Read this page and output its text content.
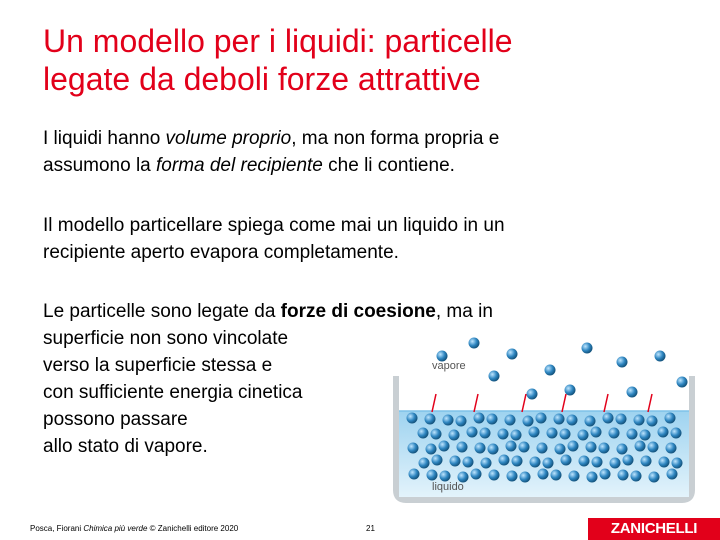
Un modello per i liquidi: particelle
legate da deboli forze attrattive
I liquidi hanno volume proprio, ma non forma propria e
assumono la forma del recipiente che li contiene.
Il modello particellare spiega come mai un liquido in un
recipiente aperto evapora completamente.
Le particelle sono legate da forze di coesione, ma in
superficie non sono vincolate
verso la superficie stessa e
con sufficiente energia cinetica
possono passare
allo stato di vapore.
vapore
liquido
Posca, Fiorani Chimica più verde © Zanichelli editore 2020	21	ZANICHELLI
